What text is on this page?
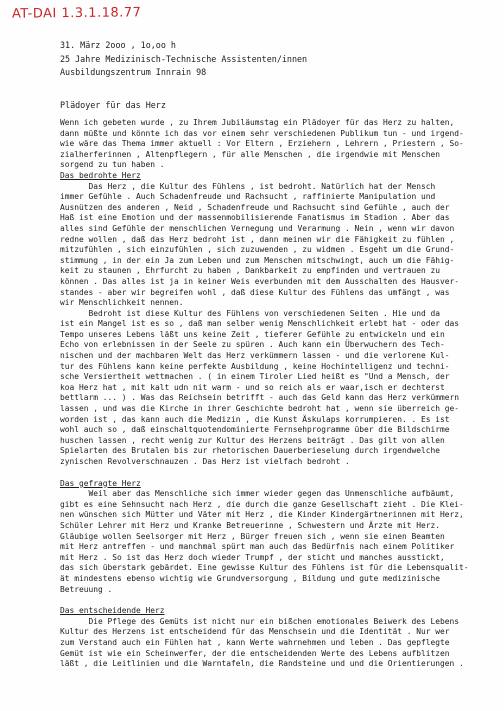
AT-DAI 1.3.1.18.77
31. März 2ooo , 1o,oo h
25 Jahre Medizinisch-Technische Assistenten/innen
Ausbildungszentrum Innrain 98
Plädoyer für das Herz

Wenn ich gebeten wurde , zu Ihrem Jubiläumstag ein Plädoyer für das Herz zu halten,
dann müßte und könnte ich das vor einem sehr verschiedenen Publikum tun - und irgend-
wie wäre das Thema immer aktuell : Vor Eltern , Erziehern , Lehrern , Priestern , So-
zialherferinnen , Altenpflegern , für alle Menschen , die irgendwie mit Menschen
sorgend zu tun haben .

Das bedrohte Herz

Das Herz , die Kultur des Fühlens , ist bedroht. Natürlich hat der Mensch
immer Gefühle . Auch Schadenfreude und Rachsucht , raffinierte Manipulation und
Ausnützen des anderen , Neid , Schadenfreude und Rachsucht sind Gefühle , auch der
Haß ist eine Emotion und der massenmobilisierende Fanatismus im Stadion . Aber das
alles sind Gefühle der menschlichen Vernegung und Verarmung . Nein , wenn wir davon
redne wollen , daß das Herz bedroht ist , dann meinen wir die Fähigkeit zu fühlen ,
mitzufühlen , sich einzufühlen , sich zuzuwenden , zu widmen . Esgeht um die Grund-
stimmung , in der ein Ja zum Leben und zum Menschen mitschwingt, auch um die Fähig-
keit zu staunen , Ehrfurcht zu haben , Dankbarkeit zu empfinden und vertrauen zu
können . Das alles ist ja in keiner Weis everbunden mit dem Ausschalten des Hausver-
standes - aber wir begreifen wohl , daß diese Kultur des Fühlens das umfängt , was
wir Menschlichkeit nennen.

Bedroht ist diese Kultur des Fühlens von verschiedenen Seiten . Hie und da
ist ein Mangel ist es so , daß man selber wenig Menschlichkeit erlebt hat - oder das
Tempo unseres Lebens läßt uns keine Zeit , tieferer Gefühle zu entwickeln und ein
Echo von erlebnissen in der Seele zu spüren . Auch kann ein Überwuchern des Tech-
nischen und der machbaren Welt das Herz verkümmern lassen - und die verlorene Kul-
tur des Fühlens kann keine perfekte Ausbildung , keine Hochintelligenz und techni-
sche Versiertheit wettmachen . ( in einem Tiroler Lied heißt es "Und a Mensch, der
koa Herz hat , mit kalt udn nit warm - und so reich als er waar,isch er dechterst
bettlarm ... ) . Was das Reichsein betrifft - auch das Geld kann das Herz verkümmern
lassen , und was die Kirche in ihrer Geschichte bedroht hat , wenn sie überreich ge-
worden ist , das kann auch die Medizin , die Kunst Äskulaps korrumpieren. . Es ist
wohl auch so , daß einschaltquotendominierte Fernsehprogramme über die Bildschirme
huschen lassen , recht wenig zur Kultur des Herzens beiträgt . Das gilt von allen
Spielarten des Brutalen bis zur rhetorischen Dauerberieselung durch irgendwelche
zynischen Revolverschnauzen . Das Herz ist vielfach bedroht .

Das gefragte Herz

Weil aber das Menschliche sich immer wieder gegen das Unmenschliche aufbäumt,
gibt es eine Sehnsucht nach Herz , die durch die ganze Gesellschaft zieht . Die Klei-
nen wünschen sich Mütter und Väter mit Herz , die Kinder Kindergärtnerinnen mit Herz,
Schüler Lehrer mit Herz und Kranke Betreuerinne , Schwestern und Ärzte mit Herz.
Gläubige wollen Seelsorger mit Herz , Bürger freuen sich , wenn sie einen Beamten
mit Herz antreffen - und manchmal spürt man auch das Bedürfnis nach einem Politiker
mit Herz . So ist das Herz doch wieder Trumpf , der sticht und manches ausstickt,
das sich überstark gebärdet. Eine gewisse Kultur des Fühlens ist für die Lebensqualit-
ät mindestens ebenso wichtig wie Grundversorgung , Bildung und gute medizinische
Betreuung .

Das entscheidende Herz

Die Pflege des Gemüts ist nicht nur ein bißchen emotionales Beiwerk des Lebens
Kultur des Herzens ist entscheidend für das Menschsein und die Identität . Nur wer
zum Verstand auch ein Fühlen hat , kann Werte wahrnehmen und leben . Das gepflegte
Gemüt ist wie ein Scheinwerfer, der die entscheidenden Werte des Lebens aufblitzen
läßt , die Leitlinien und die Warntafeln, die Randsteine und und die Orientierungen .
